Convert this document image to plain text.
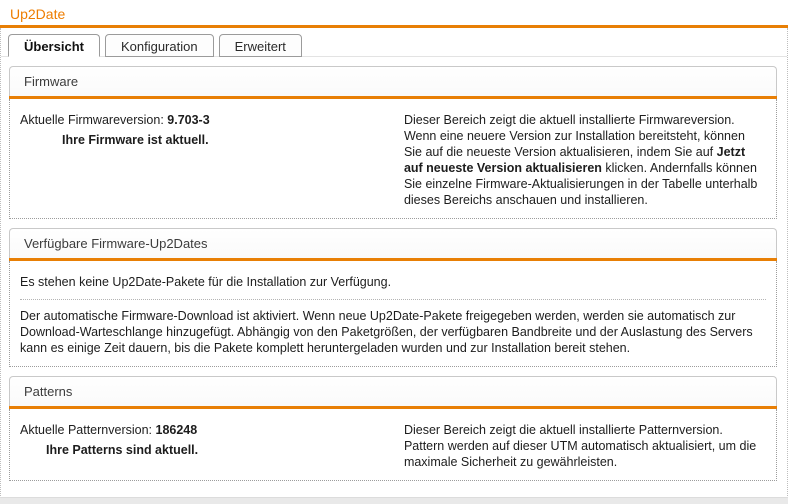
Up2Date
Übersicht	Konfiguration	Erweitert
Firmware
Aktuelle Firmwareversion: 9.703-3
Ihre Firmware ist aktuell.
Dieser Bereich zeigt die aktuell installierte Firmwareversion. Wenn eine neuere Version zur Installation bereitsteht, können Sie auf die neueste Version aktualisieren, indem Sie auf Jetzt auf neueste Version aktualisieren klicken. Andernfalls können Sie einzelne Firmware-Aktualisierungen in der Tabelle unterhalb dieses Bereichs anschauen und installieren.
Verfügbare Firmware-Up2Dates

Es stehen keine Up2Date-Pakete für die Installation zur Verfügung.

Der automatische Firmware-Download ist aktiviert. Wenn neue Up2Date-Pakete freigegeben werden, werden sie automatisch zur Download-Warteschlange hinzugefügt. Abhängig von den Paketgrößen, der verfügbaren Bandbreite und der Auslastung des Servers kann es einige Zeit dauern, bis die Pakete komplett heruntergeladen wurden und zur Installation bereit stehen.

Patterns
Aktuelle Patternversion: 186248
Ihre Patterns sind aktuell.
Dieser Bereich zeigt die aktuell installierte Patternversion. Pattern werden auf dieser UTM automatisch aktualisiert, um die maximale Sicherheit zu gewährleisten.
